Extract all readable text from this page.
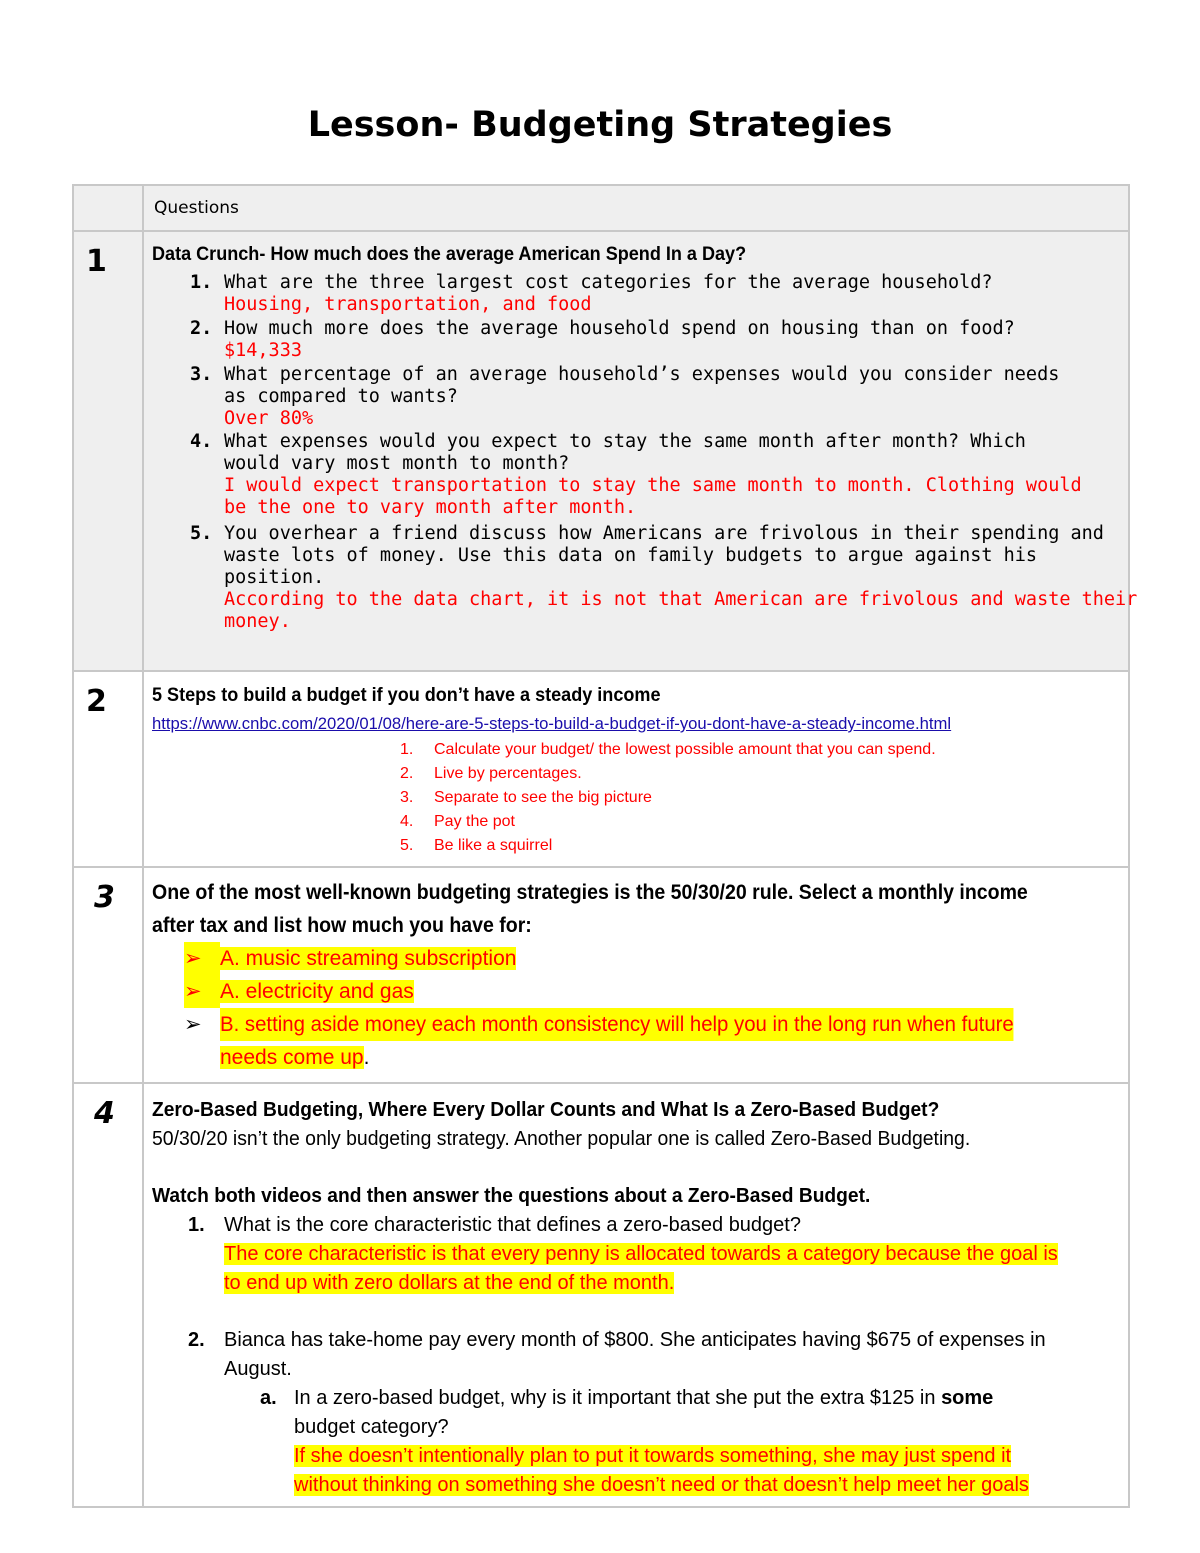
Lesson- Budgeting Strategies
Questions
1 Data Crunch- How much does the average American Spend In a Day?
1. What are the three largest cost categories for the average household?
Housing, transportation, and food
2. How much more does the average household spend on housing than on food?
$14,333
3. What percentage of an average household’s expenses would you consider needs
as compared to wants?
Over 80%
4. What expenses would you expect to stay the same month after month? Which
would vary most month to month?
I would expect transportation to stay the same month to month. Clothing would
be the one to vary month after month.
5. You overhear a friend discuss how Americans are frivolous in their spending and
waste lots of money. Use this data on family budgets to argue against his
position.
According to the data chart, it is not that American are frivolous and waste their
money.
2 5 Steps to build a budget if you don’t have a steady income
https://www.cnbc.com/2020/01/08/here-are-5-steps-to-build-a-budget-if-you-dont-have-a-steady-income.html
1. Calculate your budget/ the lowest possible amount that you can spend.
2. Live by percentages.
3. Separate to see the big picture
4. Pay the pot
5. Be like a squirrel
3 One of the most well-known budgeting strategies is the 50/30/20 rule. Select a monthly income
after tax and list how much you have for:
➢ A. music streaming subscription
➢ A. electricity and gas
➢ B. setting aside money each month consistency will help you in the long run when future
needs come up.
4 Zero-Based Budgeting, Where Every Dollar Counts and What Is a Zero-Based Budget?
50/30/20 isn’t the only budgeting strategy. Another popular one is called Zero-Based Budgeting.
Watch both videos and then answer the questions about a Zero-Based Budget.
1. What is the core characteristic that defines a zero-based budget?
The core characteristic is that every penny is allocated towards a category because the goal is
to end up with zero dollars at the end of the month.
2. Bianca has take-home pay every month of $800. She anticipates having $675 of expenses in
August.
a. In a zero-based budget, why is it important that she put the extra $125 in some
budget category?
If she doesn’t intentionally plan to put it towards something, she may just spend it
without thinking on something she doesn’t need or that doesn’t help meet her goals
